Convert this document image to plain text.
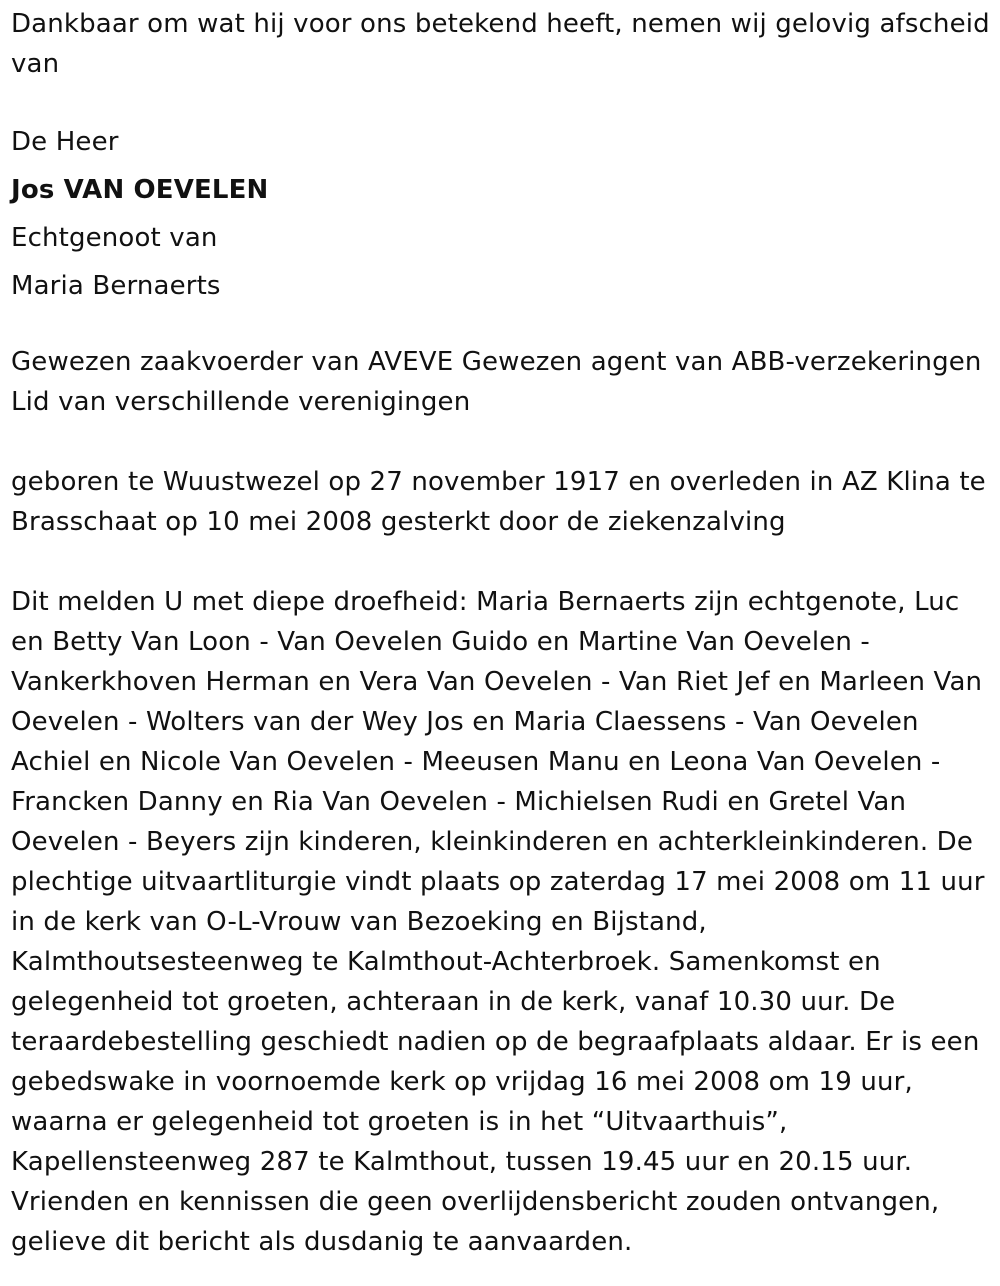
Dankbaar om wat hij voor ons betekend heeft, nemen wij gelovig afscheid van

De Heer

Jos VAN OEVELEN

Echtgenoot van

Maria Bernaerts

Gewezen zaakvoerder van AVEVE Gewezen agent van ABB-verzekeringen Lid van verschillende verenigingen

geboren te Wuustwezel op 27 november 1917 en overleden in AZ Klina te Brasschaat op 10 mei 2008 gesterkt door de ziekenzalving

Dit melden U met diepe droefheid: Maria Bernaerts zijn echtgenote, Luc en Betty Van Loon - Van Oevelen Guido en Martine Van Oevelen - Vankerkhoven Herman en Vera Van Oevelen - Van Riet Jef en Marleen Van Oevelen - Wolters van der Wey Jos en Maria Claessens - Van Oevelen Achiel en Nicole Van Oevelen - Meeusen Manu en Leona Van Oevelen - Francken Danny en Ria Van Oevelen - Michielsen Rudi en Gretel Van Oevelen - Beyers zijn kinderen, kleinkinderen en achterkleinkinderen. De plechtige uitvaartliturgie vindt plaats op zaterdag 17 mei 2008 om 11 uur in de kerk van O-L-Vrouw van Bezoeking en Bijstand, Kalmthoutsesteenweg te Kalmthout-Achterbroek. Samenkomst en gelegenheid tot groeten, achteraan in de kerk, vanaf 10.30 uur. De teraardebestelling geschiedt nadien op de begraafplaats aldaar. Er is een gebedswake in voornoemde kerk op vrijdag 16 mei 2008 om 19 uur, waarna er gelegenheid tot groeten is in het “Uitvaarthuis”, Kapellensteenweg 287 te Kalmthout, tussen 19.45 uur en 20.15 uur. Vrienden en kennissen die geen overlijdensbericht zouden ontvangen, gelieve dit bericht als dusdanig te aanvaarden.
